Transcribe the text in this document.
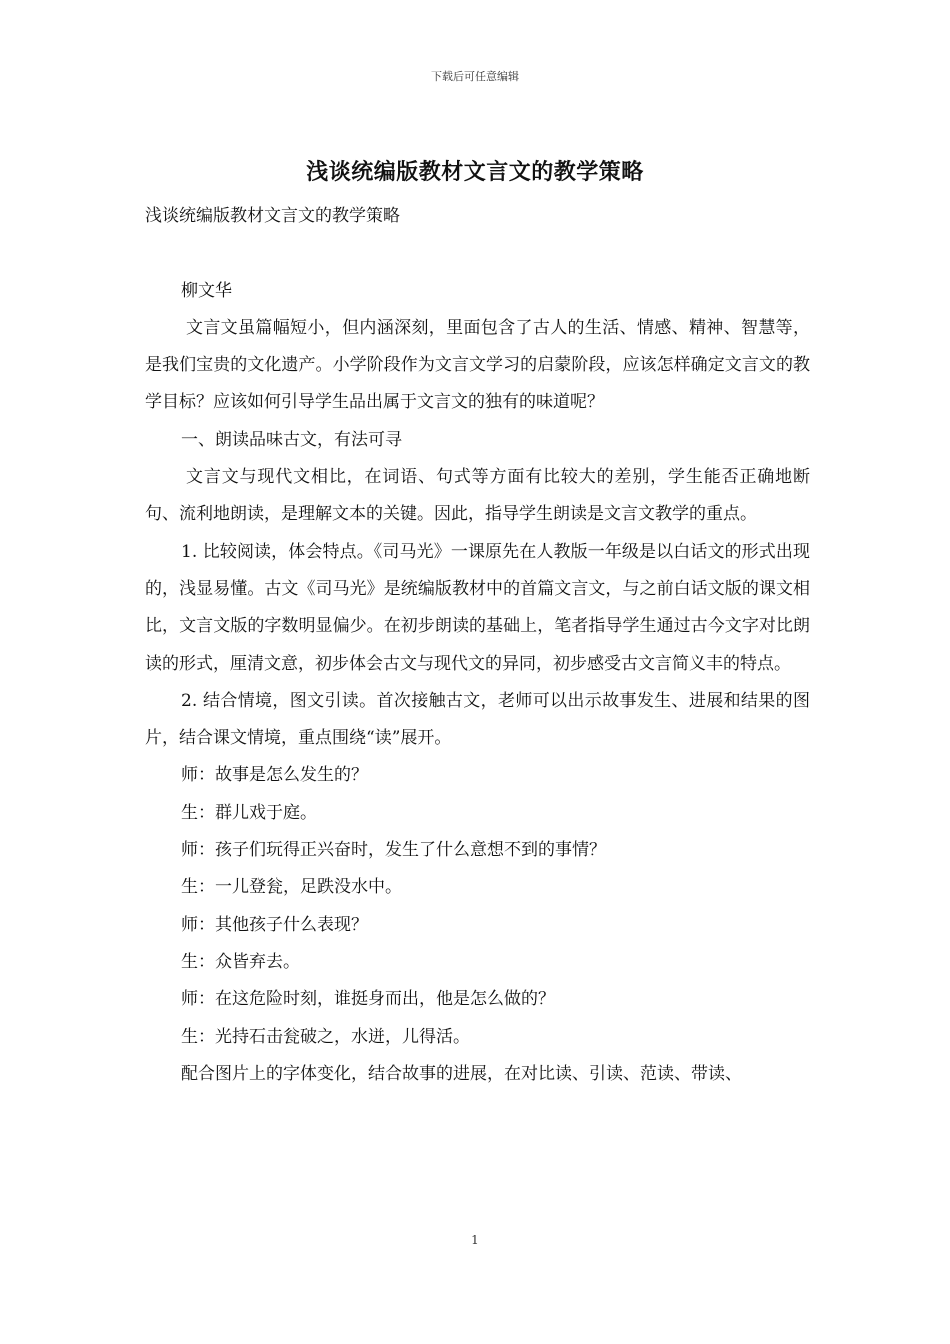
下载后可任意编辑
浅谈统编版教材文言文的教学策略

浅谈统编版教材文言文的教学策略

柳文华

文言文虽篇幅短小，但内涵深刻，里面包含了古人的生活、情感、精神、智慧等，是我们宝贵的文化遗产。小学阶段作为文言文学习的启蒙阶段，应该怎样确定文言文的教学目标？应该如何引导学生品出属于文言文的独有的味道呢？

一、朗读品味古文，有法可寻

文言文与现代文相比，在词语、句式等方面有比较大的差别，学生能否正确地断句、流利地朗读，是理解文本的关键。因此，指导学生朗读是文言文教学的重点。

1. 比较阅读，体会特点。《司马光》一课原先在人教版一年级是以白话文的形式出现的，浅显易懂。古文《司马光》是统编版教材中的首篇文言文，与之前白话文版的课文相比，文言文版的字数明显偏少。在初步朗读的基础上，笔者指导学生通过古今文字对比朗读的形式，厘清文意，初步体会古文与现代文的异同，初步感受古文言简义丰的特点。

2. 结合情境，图文引读。首次接触古文，老师可以出示故事发生、进展和结果的图片，结合课文情境，重点围绕“读”展开。

师：故事是怎么发生的？

生：群儿戏于庭。

师：孩子们玩得正兴奋时，发生了什么意想不到的事情？

生：一儿登瓮，足跌没水中。

师：其他孩子什么表现？

生：众皆弃去。

师：在这危险时刻，谁挺身而出，他是怎么做的？

生：光持石击瓮破之，水迸，儿得活。

配合图片上的字体变化，结合故事的进展，在对比读、引读、范读、带读、

1
